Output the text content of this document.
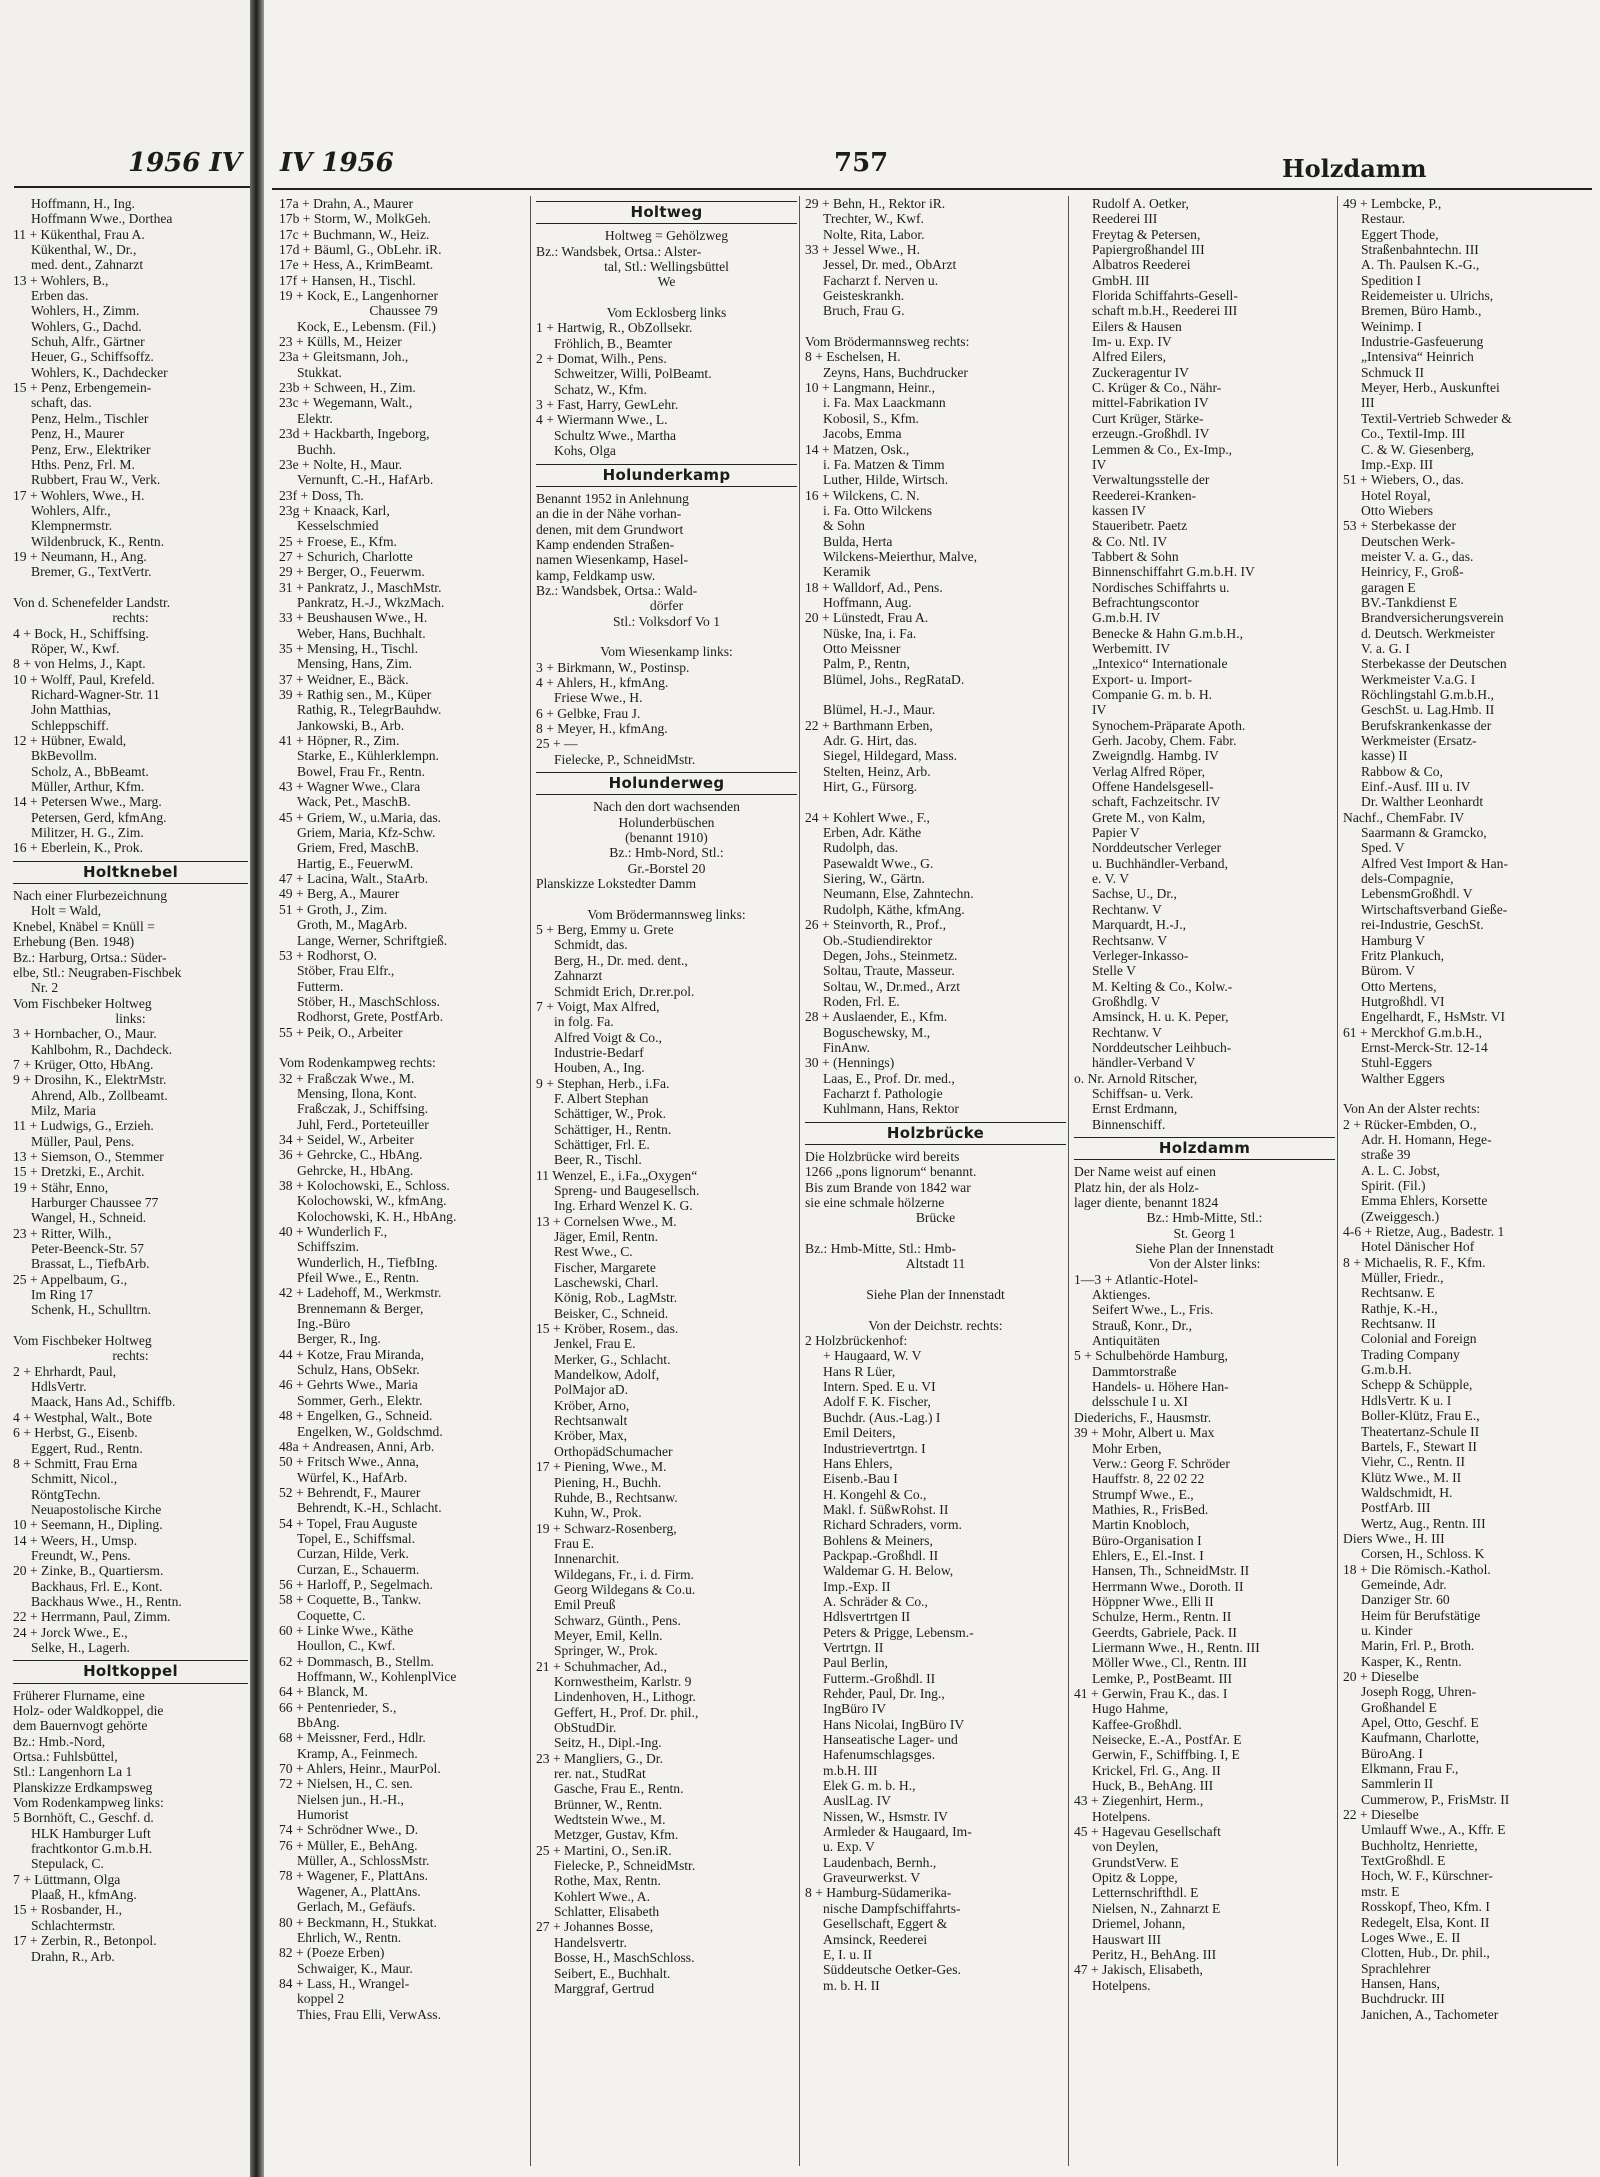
1956 IV

Hoffmann, H., Ing.

Hoffmann Wwe., Dorthea

11 + Kükenthal, Frau A.

Kükenthal, W., Dr.,

med. dent., Zahnarzt

13 + Wohlers, B.,

Erben das.

Wohlers, H., Zimm.

Wohlers, G., Dachd.

Schuh, Alfr., Gärtner

Heuer, G., Schiffsoffz.

Wohlers, K., Dachdecker

15 + Penz, Erbengemein-

schaft, das.

Penz, Helm., Tischler

Penz, H., Maurer

Penz, Erw., Elektriker

Hths. Penz, Frl. M.

Rubbert, Frau W., Verk.

17 + Wohlers, Wwe., H.

Wohlers, Alfr.,

Klempnermstr.

Wildenbruck, K., Rentn.

19 + Neumann, H., Ang.

Bremer, G., TextVertr.

Von d. Schenefelder Landstr.

rechts:

4 + Bock, H., Schiffsing.

Röper, W., Kwf.

8 + von Helms, J., Kapt.

10 + Wolff, Paul, Krefeld.

Richard-Wagner-Str. 11

John Matthias,

Schleppschiff.

12 + Hübner, Ewald,

BkBevollm.

Scholz, A., BbBeamt.

Müller, Arthur, Kfm.

14 + Petersen Wwe., Marg.

Petersen, Gerd, kfmAng.

Militzer, H. G., Zim.

16 + Eberlein, K., Prok.

Holtknebel

Nach einer Flurbezeichnung

Holt = Wald,

Knebel, Knäbel = Knüll =

Erhebung (Ben. 1948)

Bz.: Harburg, Ortsa.: Süder-

elbe, Stl.: Neugraben-Fischbek

Nr. 2

Vom Fischbeker Holtweg

links:

3 + Hornbacher, O., Maur.

Kahlbohm, R., Dachdeck.

7 + Krüger, Otto, HbAng.

9 + Drosihn, K., ElektrMstr.

Ahrend, Alb., Zollbeamt.

Milz, Maria

11 + Ludwigs, G., Erzieh.

Müller, Paul, Pens.

13 + Siemson, O., Stemmer

15 + Dretzki, E., Archit.

19 + Stähr, Enno,

Harburger Chaussee 77

Wangel, H., Schneid.

23 + Ritter, Wilh.,

Peter-Beenck-Str. 57

Brassat, L., TiefbArb.

25 + Appelbaum, G.,

Im Ring 17

Schenk, H., Schulltrn.

Vom Fischbeker Holtweg

rechts:

2 + Ehrhardt, Paul,

HdlsVertr.

Maack, Hans Ad., Schiffb.

4 + Westphal, Walt., Bote

6 + Herbst, G., Eisenb.

Eggert, Rud., Rentn.

8 + Schmitt, Frau Erna

Schmitt, Nicol.,

RöntgTechn.

Neuapostolische Kirche

10 + Seemann, H., Dipling.

14 + Weers, H., Umsp.

Freundt, W., Pens.

20 + Zinke, B., Quartiersm.

Backhaus, Frl. E., Kont.

Backhaus Wwe., H., Rentn.

22 + Herrmann, Paul, Zimm.

24 + Jorck Wwe., E.,

Selke, H., Lagerh.

Holtkoppel

Früherer Flurname, eine

Holz- oder Waldkoppel, die

dem Bauernvogt gehörte

Bz.: Hmb.-Nord,

Ortsa.: Fuhlsbüttel,

Stl.: Langenhorn La 1

Planskizze Erdkampsweg

Vom Rodenkampweg links:

5 Bornhöft, C., Geschf. d.

HLK Hamburger Luft

frachtkontor G.m.b.H.

Stepulack, C.

7 + Lüttmann, Olga

Plaaß, H., kfmAng.

15 + Rosbander, H.,

Schlachtermstr.

17 + Zerbin, R., Betonpol.

Drahn, R., Arb.

IV 1956	757	Holzdamm

17a + Drahn, A., Maurer

17b + Storm, W., MolkGeh.

17c + Buchmann, W., Heiz.

17d + Bäuml, G., ObLehr. iR.

17e + Hess, A., KrimBeamt.

17f + Hansen, H., Tischl.

19 + Kock, E., Langenhorner

Chaussee 79

Kock, E., Lebensm. (Fil.)

23 + Külls, M., Heizer

23a + Gleitsmann, Joh.,

Stukkat.

23b + Schween, H., Zim.

23c + Wegemann, Walt.,

Elektr.

23d + Hackbarth, Ingeborg,

Buchh.

23e + Nolte, H., Maur.

Vernunft, C.-H., HafArb.

23f + Doss, Th.

23g + Knaack, Karl,

Kesselschmied

25 + Froese, E., Kfm.

27 + Schurich, Charlotte

29 + Berger, O., Feuerwm.

31 + Pankratz, J., MaschMstr.

Pankratz, H.-J., WkzMach.

33 + Beushausen Wwe., H.

Weber, Hans, Buchhalt.

35 + Mensing, H., Tischl.

Mensing, Hans, Zim.

37 + Weidner, E., Bäck.

39 + Rathig sen., M., Küper

Rathig, R., TelegrBauhdw.

Jankowski, B., Arb.

41 + Höpner, R., Zim.

Starke, E., Kühlerklempn.

Bowel, Frau Fr., Rentn.

43 + Wagner Wwe., Clara

Wack, Pet., MaschB.

45 + Griem, W., u.Maria, das.

Griem, Maria, Kfz-Schw.

Griem, Fred, MaschB.

Hartig, E., FeuerwM.

47 + Lacina, Walt., StaArb.

49 + Berg, A., Maurer

51 + Groth, J., Zim.

Groth, M., MagArb.

Lange, Werner, Schriftgieß.

53 + Rodhorst, O.

Stöber, Frau Elfr.,

Futterm.

Stöber, H., MaschSchloss.

Rodhorst, Grete, PostfArb.

55 + Peik, O., Arbeiter

Vom Rodenkampweg rechts:

32 + Fraßczak Wwe., M.

Mensing, Ilona, Kont.

Fraßczak, J., Schiffsing.

Juhl, Ferd., Porteteuiller

34 + Seidel, W., Arbeiter

36 + Gehrcke, C., HbAng.

Gehrcke, H., HbAng.

38 + Kolochowski, E., Schloss.

Kolochowski, W., kfmAng.

Kolochowski, K. H., HbAng.

40 + Wunderlich F.,

Schiffszim.

Wunderlich, H., TiefbIng.

Pfeil Wwe., E., Rentn.

42 + Ladehoff, M., Werkmstr.

Brennemann & Berger,

Ing.-Büro

Berger, R., Ing.

44 + Kotze, Frau Miranda,

Schulz, Hans, ObSekr.

46 + Gehrts Wwe., Maria

Sommer, Gerh., Elektr.

48 + Engelken, G., Schneid.

Engelken, W., Goldschmd.

48a + Andreasen, Anni, Arb.

50 + Fritsch Wwe., Anna,

Würfel, K., HafArb.

52 + Behrendt, F., Maurer

Behrendt, K.-H., Schlacht.

54 + Topel, Frau Auguste

Topel, E., Schiffsmal.

Curzan, Hilde, Verk.

Curzan, E., Schauerm.

56 + Harloff, P., Segelmach.

58 + Coquette, B., Tankw.

Coquette, C.

60 + Linke Wwe., Käthe

Houllon, C., Kwf.

62 + Dommasch, B., Stellm.

Hoffmann, W., KohlenplVice

64 + Blanck, M.

66 + Pentenrieder, S.,

BbAng.

68 + Meissner, Ferd., Hdlr.

Kramp, A., Feinmech.

70 + Ahlers, Heinr., MaurPol.

72 + Nielsen, H., C. sen.

Nielsen jun., H.-H.,

Humorist

74 + Schrödner Wwe., D.

76 + Müller, E., BehAng.

Müller, A., SchlossMstr.

78 + Wagener, F., PlattAns.

Wagener, A., PlattAns.

Gerlach, M., Gefäufs.

80 + Beckmann, H., Stukkat.

Ehrlich, W., Rentn.

82 + (Poeze Erben)

Schwaiger, K., Maur.

84 + Lass, H., Wrangel-

koppel 2

Thies, Frau Elli, VerwAss.

Holtweg

Holtweg = Gehölzweg

Bz.: Wandsbek, Ortsa.: Alster-

tal, Stl.: Wellingsbüttel

We

Vom Ecklosberg links

1 + Hartwig, R., ObZollsekr.

Fröhlich, B., Beamter

2 + Domat, Wilh., Pens.

Schweitzer, Willi, PolBeamt.

Schatz, W., Kfm.

3 + Fast, Harry, GewLehr.

4 + Wiermann Wwe., L.

Schultz Wwe., Martha

Kohs, Olga

Holunderkamp

Benannt 1952 in Anlehnung

an die in der Nähe vorhan-

denen, mit dem Grundwort

Kamp endenden Straßen-

namen Wiesenkamp, Hasel-

kamp, Feldkamp usw.

Bz.: Wandsbek, Ortsa.: Wald-

dörfer

Stl.: Volksdorf Vo 1

Vom Wiesenkamp links:

3 + Birkmann, W., Postinsp.

4 + Ahlers, H., kfmAng.

Friese Wwe., H.

6 + Gelbke, Frau J.

8 + Meyer, H., kfmAng.

25 + —

Fielecke, P., SchneidMstr.

Holunderweg

Nach den dort wachsenden

Holunderbüschen

(benannt 1910)

Bz.: Hmb-Nord, Stl.:

Gr.-Borstel 20

Planskizze Lokstedter Damm

Vom Brödermannsweg links:

5 + Berg, Emmy u. Grete

Schmidt, das.

Berg, H., Dr. med. dent.,

Zahnarzt

Schmidt Erich, Dr.rer.pol.

7 + Voigt, Max Alfred,

in folg. Fa.

Alfred Voigt & Co.,

Industrie-Bedarf

Houben, A., Ing.

9 + Stephan, Herb., i.Fa.

F. Albert Stephan

Schättiger, W., Prok.

Schättiger, H., Rentn.

Schättiger, Frl. E.

Beer, R., Tischl.

11 Wenzel, E., i.Fa.„Oxygen“

Spreng- und Baugesellsch.

Ing. Erhard Wenzel K. G.

13 + Cornelsen Wwe., M.

Jäger, Emil, Rentn.

Rest Wwe., C.

Fischer, Margarete

Laschewski, Charl.

König, Rob., LagMstr.

Beisker, C., Schneid.

15 + Kröber, Rosem., das.

Jenkel, Frau E.

Merker, G., Schlacht.

Mandelkow, Adolf,

PolMajor aD.

Kröber, Arno,

Rechtsanwalt

Kröber, Max,

OrthopädSchumacher

17 + Piening, Wwe., M.

Piening, H., Buchh.

Ruhde, B., Rechtsanw.

Kuhn, W., Prok.

19 + Schwarz-Rosenberg,

Frau E.

Innenarchit.

Wildegans, Fr., i. d. Firm.

Georg Wildegans & Co.u.

Emil Preuß

Schwarz, Günth., Pens.

Meyer, Emil, Kelln.

Springer, W., Prok.

21 + Schuhmacher, Ad.,

Kornwestheim, Karlstr. 9

Lindenhoven, H., Lithogr.

Geffert, H., Prof. Dr. phil.,

ObStudDir.

Seitz, H., Dipl.-Ing.

23 + Mangliers, G., Dr.

rer. nat., StudRat

Gasche, Frau E., Rentn.

Brünner, W., Rentn.

Wedtstein Wwe., M.

Metzger, Gustav, Kfm.

25 + Martini, O., Sen.iR.

Fielecke, P., SchneidMstr.

Rothe, Max, Rentn.

Kohlert Wwe., A.

Schlatter, Elisabeth

27 + Johannes Bosse,

Handelsvertr.

Bosse, H., MaschSchloss.

Seibert, E., Buchhalt.

Marggraf, Gertrud

29 + Behn, H., Rektor iR.

Trechter, W., Kwf.

Nolte, Rita, Labor.

33 + Jessel Wwe., H.

Jessel, Dr. med., ObArzt

Facharzt f. Nerven u.

Geisteskrankh.

Bruch, Frau G.

Vom Brödermannsweg rechts:

8 + Eschelsen, H.

Zeyns, Hans, Buchdrucker

10 + Langmann, Heinr.,

i. Fa. Max Laackmann

Kobosil, S., Kfm.

Jacobs, Emma

14 + Matzen, Osk.,

i. Fa. Matzen & Timm

Luther, Hilde, Wirtsch.

16 + Wilckens, C. N.

i. Fa. Otto Wilckens

& Sohn

Bulda, Herta

Wilckens-Meierthur, Malve,

Keramik

18 + Walldorf, Ad., Pens.

Hoffmann, Aug.

20 + Lünstedt, Frau A.

Nüske, Ina, i. Fa.

Otto Meissner

Palm, P., Rentn,

Blümel, Johs., RegRataD.

Blümel, H.-J., Maur.

22 + Barthmann Erben,

Adr. G. Hirt, das.

Siegel, Hildegard, Mass.

Stelten, Heinz, Arb.

Hirt, G., Fürsorg.

24 + Kohlert Wwe., F.,

Erben, Adr. Käthe

Rudolph, das.

Pasewaldt Wwe., G.

Siering, W., Gärtn.

Neumann, Else, Zahntechn.

Rudolph, Käthe, kfmAng.

26 + Steinvorth, R., Prof.,

Ob.-Studiendirektor

Degen, Johs., Steinmetz.

Soltau, Traute, Masseur.

Soltau, W., Dr.med., Arzt

Roden, Frl. E.

28 + Auslaender, E., Kfm.

Boguschewsky, M.,

FinAnw.

30 + (Hennings)

Laas, E., Prof. Dr. med.,

Facharzt f. Pathologie

Kuhlmann, Hans, Rektor

Holzbrücke

Die Holzbrücke wird bereits

1266 „pons lignorum“ benannt.

Bis zum Brande von 1842 war

sie eine schmale hölzerne

Brücke

Bz.: Hmb-Mitte, Stl.: Hmb-

Altstadt 11

Siehe Plan der Innenstadt

Von der Deichstr. rechts:

2 Holzbrückenhof:

+ Haugaard, W. V

Hans R Lüer,

Intern. Sped. E u. VI

Adolf F. K. Fischer,

Buchdr. (Aus.-Lag.) I

Emil Deiters,

Industrievertrtgn. I

Hans Ehlers,

Eisenb.-Bau I

H. Kongehl & Co.,

Makl. f. SüßwRohst. II

Richard Schraders, vorm.

Bohlens & Meiners,

Packpap.-Großhdl. II

Waldemar G. H. Below,

Imp.-Exp. II

A. Schräder & Co.,

Hdlsvertrtgen II

Peters & Prigge, Lebensm.-

Vertrtgn. II

Paul Berlin,

Futterm.-Großhdl. II

Rehder, Paul, Dr. Ing.,

IngBüro IV

Hans Nicolai, IngBüro IV

Hanseatische Lager- und

Hafenumschlagsges.

m.b.H. III

Elek G. m. b. H.,

AuslLag. IV

Nissen, W., Hsmstr. IV

Armleder & Haugaard, Im-

u. Exp. V

Laudenbach, Bernh.,

Graveurwerkst. V

8 + Hamburg-Südamerika-

nische Dampfschiffahrts-

Gesellschaft, Eggert &

Amsinck, Reederei

E, I. u. II

Süddeutsche Oetker-Ges.

m. b. H. II

Rudolf A. Oetker,

Reederei III

Freytag & Petersen,

Papiergroßhandel III

Albatros Reederei

GmbH. III

Florida Schiffahrts-Gesell-

schaft m.b.H., Reederei III

Eilers & Hausen

Im- u. Exp. IV

Alfred Eilers,

Zuckeragentur IV

C. Krüger & Co., Nähr-

mittel-Fabrikation IV

Curt Krüger, Stärke-

erzeugn.-Großhdl. IV

Lemmen & Co., Ex-Imp.,

IV

Verwaltungsstelle der

Reederei-Kranken-

kassen IV

Staueribetr. Paetz

& Co. Ntl. IV

Tabbert & Sohn

Binnenschiffahrt G.m.b.H. IV

Nordisches Schiffahrts u.

Befrachtungscontor

G.m.b.H. IV

Benecke & Hahn G.m.b.H.,

Werbemitt. IV

„Intexico“ Internationale

Export- u. Import-

Companie G. m. b. H.

IV

Synochem-Präparate Apoth.

Gerh. Jacoby, Chem. Fabr.

Zweigndlg. Hambg. IV

Verlag Alfred Röper,

Offene Handelsgesell-

schaft, Fachzeitschr. IV

Grete M., von Kalm,

Papier V

Norddeutscher Verleger

u. Buchhändler-Verband,

e. V. V

Sachse, U., Dr.,

Rechtanw. V

Marquardt, H.-J.,

Rechtsanw. V

Verleger-Inkasso-

Stelle V

M. Kelting & Co., Kolw.-

Großhdlg. V

Amsinck, H. u. K. Peper,

Rechtanw. V

Norddeutscher Leihbuch-

händler-Verband V

o. Nr. Arnold Ritscher,

Schiffsan- u. Verk.

Ernst Erdmann,

Binnenschiff.

Holzdamm

Der Name weist auf einen

Platz hin, der als Holz-

lager diente, benannt 1824

Bz.: Hmb-Mitte, Stl.:

St. Georg 1

Siehe Plan der Innenstadt

Von der Alster links:

1—3 + Atlantic-Hotel-

Aktienges.

Seifert Wwe., L., Fris.

Strauß, Konr., Dr.,

Antiquitäten

5 + Schulbehörde Hamburg,

Dammtorstraße

Handels- u. Höhere Han-

delsschule I u. XI

Diederichs, F., Hausmstr.

39 + Mohr, Albert u. Max

Mohr Erben,

Verw.: Georg F. Schröder

Hauffstr. 8, 22 02 22

Strumpf Wwe., E.,

Mathies, R., FrisBed.

Martin Knobloch,

Büro-Organisation I

Ehlers, E., El.-Inst. I

Hansen, Th., SchneidMstr. II

Herrmann Wwe., Doroth. II

Höppner Wwe., Elli II

Schulze, Herm., Rentn. II

Geerdts, Gabriele, Pack. II

Liermann Wwe., H., Rentn. III

Möller Wwe., Cl., Rentn. III

Lemke, P., PostBeamt. III

41 + Gerwin, Frau K., das. I

Hugo Hahme,

Kaffee-Großhdl.

Neisecke, E.-A., PostfAr. E

Gerwin, F., Schiffbing. I, E

Krickel, Frl. G., Ang. II

Huck, B., BehAng. III

43 + Ziegenhirt, Herm.,

Hotelpens.

45 + Hagevau Gesellschaft

von Deylen,

GrundstVerw. E

Opitz & Loppe,

Letternschrifthdl. E

Nielsen, N., Zahnarzt E

Driemel, Johann,

Hauswart III

Peritz, H., BehAng. III

47 + Jakisch, Elisabeth,

Hotelpens.

49 + Lembcke, P.,

Restaur.

Eggert Thode,

Straßenbahntechn. III

A. Th. Paulsen K.-G.,

Spedition I

Reidemeister u. Ulrichs,

Bremen, Büro Hamb.,

Weinimp. I

Industrie-Gasfeuerung

„Intensiva“ Heinrich

Schmuck II

Meyer, Herb., Auskunftei

III

Textil-Vertrieb Schweder &

Co., Textil-Imp. III

C. & W. Giesenberg,

Imp.-Exp. III

51 + Wiebers, O., das.

Hotel Royal,

Otto Wiebers

53 + Sterbekasse der

Deutschen Werk-

meister V. a. G., das.

Heinricy, F., Groß-

garagen E

BV.-Tankdienst E

Brandversicherungsverein

d. Deutsch. Werkmeister

V. a. G. I

Sterbekasse der Deutschen

Werkmeister V.a.G. I

Röchlingstahl G.m.b.H.,

GeschSt. u. Lag.Hmb. II

Berufskrankenkasse der

Werkmeister (Ersatz-

kasse) II

Rabbow & Co,

Einf.-Ausf. III u. IV

Dr. Walther Leonhardt

Nachf., ChemFabr. IV

Saarmann & Gramcko,

Sped. V

Alfred Vest Import & Han-

dels-Compagnie,

LebensmGroßhdl. V

Wirtschaftsverband Gieße-

rei-Industrie, GeschSt.

Hamburg V

Fritz Plankuch,

Bürom. V

Otto Mertens,

Hutgroßhdl. VI

Engelhardt, F., HsMstr. VI

61 + Merckhof G.m.b.H.,

Ernst-Merck-Str. 12-14

Stuhl-Eggers

Walther Eggers

Von An der Alster rechts:

2 + Rücker-Embden, O.,

Adr. H. Homann, Hege-

straße 39

A. L. C. Jobst,

Spirit. (Fil.)

Emma Ehlers, Korsette

(Zweiggesch.)

4-6 + Rietze, Aug., Badestr. 1

Hotel Dänischer Hof

8 + Michaelis, R. F., Kfm.

Müller, Friedr.,

Rechtsanw. E

Rathje, K.-H.,

Rechtsanw. II

Colonial and Foreign

Trading Company

G.m.b.H.

Schepp & Schüpple,

HdlsVertr. K u. I

Boller-Klütz, Frau E.,

Theatertanz-Schule II

Bartels, F., Stewart II

Viehr, C., Rentn. II

Klütz Wwe., M. II

Waldschmidt, H.

PostfArb. III

Wertz, Aug., Rentn. III

Diers Wwe., H. III

Corsen, H., Schloss. K

18 + Die Römisch.-Kathol.

Gemeinde, Adr.

Danziger Str. 60

Heim für Berufstätige

u. Kinder

Marin, Frl. P., Broth.

Kasper, K., Rentn.

20 + Dieselbe

Joseph Rogg, Uhren-

Großhandel E

Apel, Otto, Geschf. E

Kaufmann, Charlotte,

BüroAng. I

Elkmann, Frau F.,

Sammlerin II

Cummerow, P., FrisMstr. II

22 + Dieselbe

Umlauff Wwe., A., Kffr. E

Buchholtz, Henriette,

TextGroßhdl. E

Hoch, W. F., Kürschner-

mstr. E

Rosskopf, Theo, Kfm. I

Redegelt, Elsa, Kont. II

Loges Wwe., E. II

Clotten, Hub., Dr. phil.,

Sprachlehrer

Hansen, Hans,

Buchdruckr. III

Janichen, A., Tachometer
